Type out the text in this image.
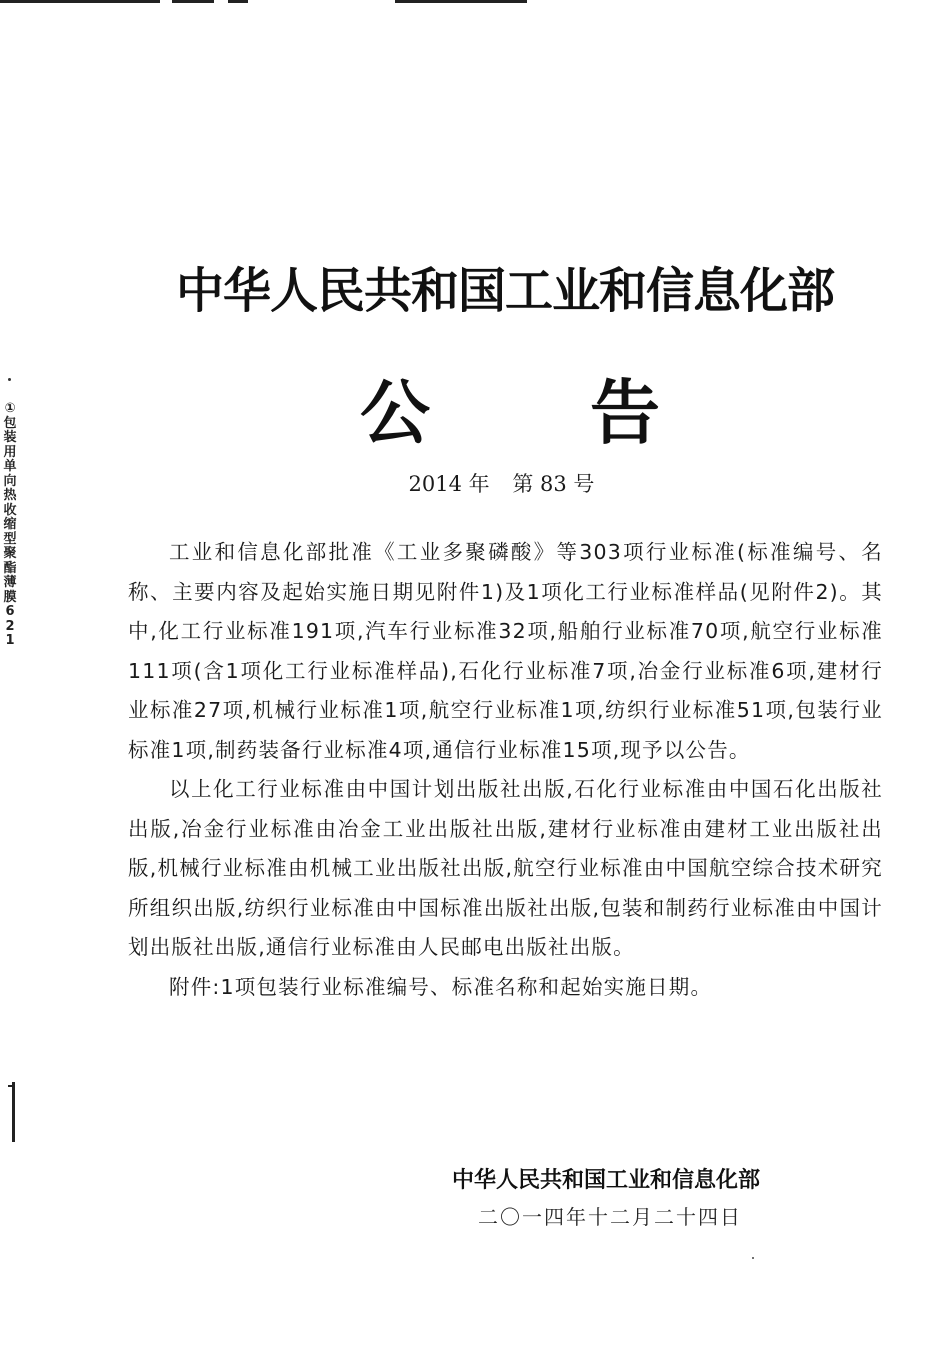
①包装用单向热收缩型聚酯薄膜 621
中华人民共和国工业和信息化部
公 告
2014 年 第 83 号

工业和信息化部批准《工业多聚磷酸》等303项行业标准(标准编号、名称、主要内容及起始实施日期见附件1)及1项化工行业标准样品(见附件2)。其中,化工行业标准191项,汽车行业标准32项,船舶行业标准70项,航空行业标准111项(含1项化工行业标准样品),石化行业标准7项,冶金行业标准6项,建材行业标准27项,机械行业标准1项,航空行业标准1项,纺织行业标准51项,包装行业标准1项,制药装备行业标准4项,通信行业标准15项,现予以公告。

以上化工行业标准由中国计划出版社出版,石化行业标准由中国石化出版社出版,冶金行业标准由冶金工业出版社出版,建材行业标准由建材工业出版社出版,机械行业标准由机械工业出版社出版,航空行业标准由中国航空综合技术研究所组织出版,纺织行业标准由中国标准出版社出版,包装和制药行业标准由中国计划出版社出版,通信行业标准由人民邮电出版社出版。

附件:1项包装行业标准编号、标准名称和起始实施日期。

中华人民共和国工业和信息化部
二〇一四年十二月二十四日
